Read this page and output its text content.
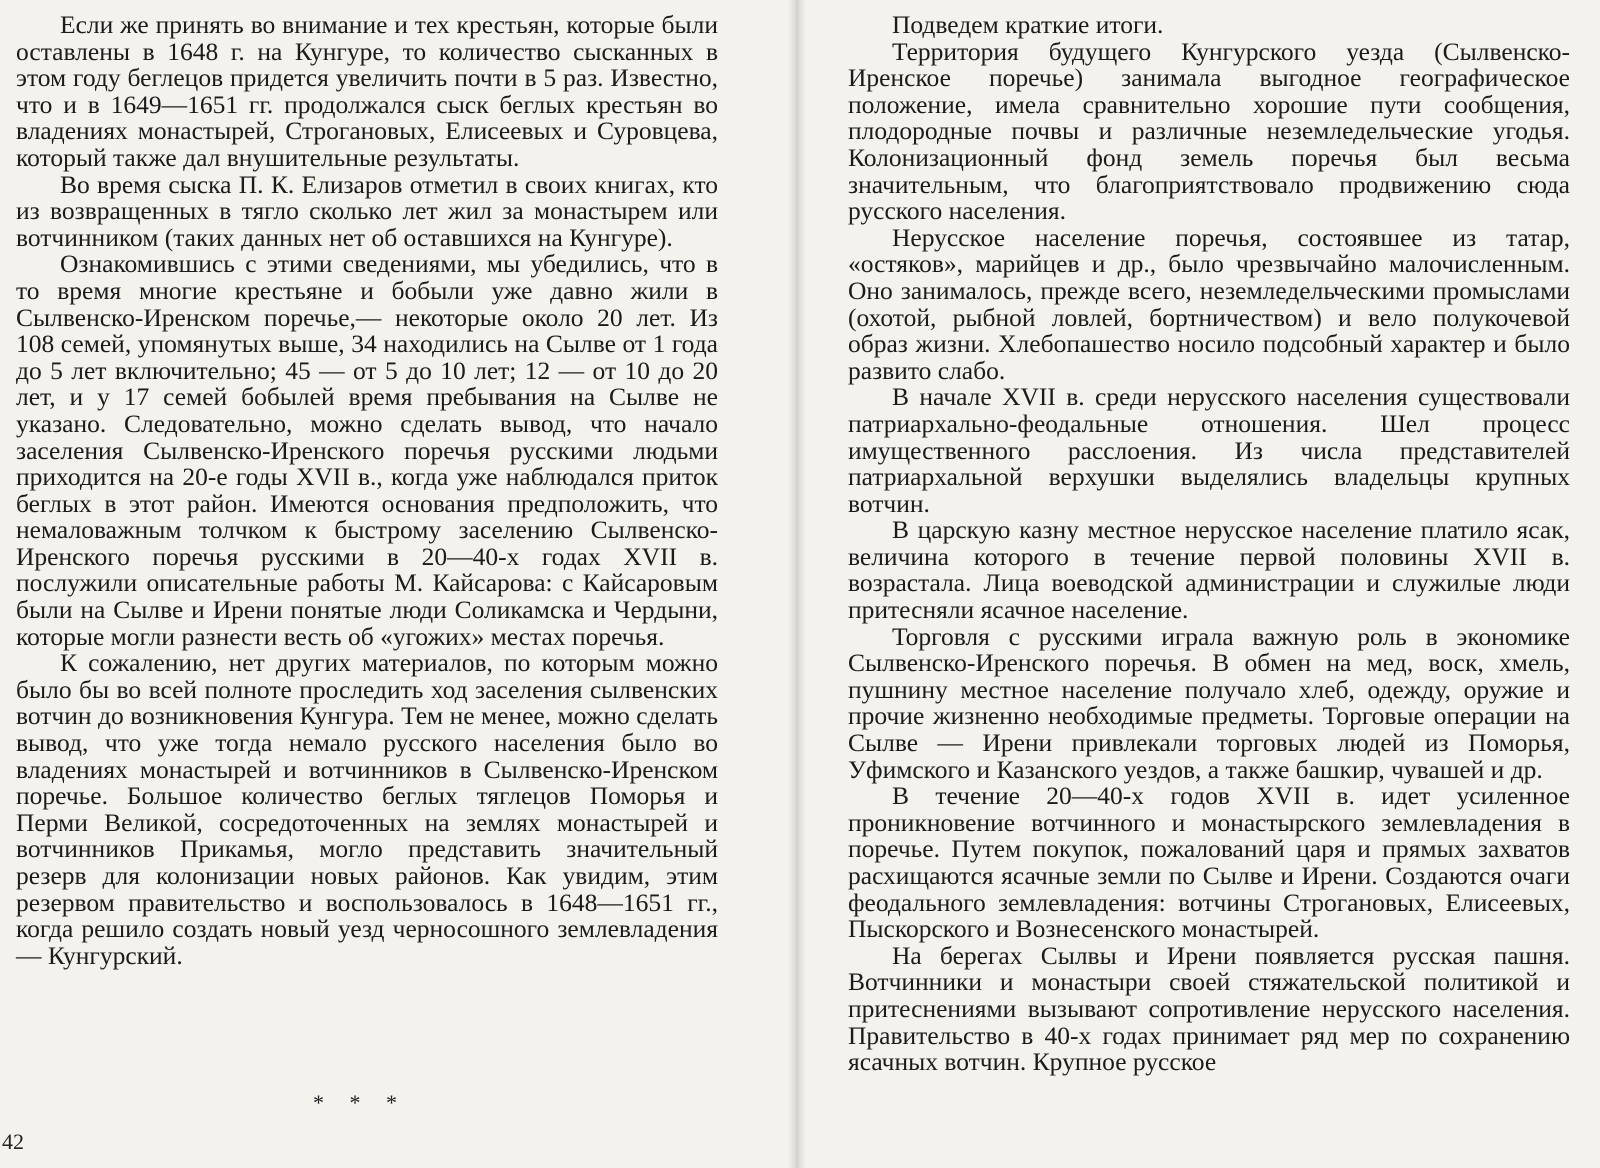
Если же принять во внимание и тех крестьян, которые были оставлены в 1648 г. на Кунгуре, то количество сысканных в этом году беглецов придется увеличить почти в 5 раз. Известно, что и в 1649—1651 гг. продолжался сыск беглых крестьян во владениях монастырей, Строгановых, Елисеевых и Суровцева, который также дал внушительные результаты.

Во время сыска П. К. Елизаров отметил в своих книгах, кто из возвращенных в тягло сколько лет жил за монастырем или вотчинником (таких данных нет об оставшихся на Кунгуре).

Ознакомившись с этими сведениями, мы убедились, что в то время многие крестьяне и бобыли уже давно жили в Сылвенско-Иренском поречье,— некоторые около 20 лет. Из 108 семей, упомянутых выше, 34 находились на Сылве от 1 года до 5 лет включительно; 45 — от 5 до 10 лет; 12 — от 10 до 20 лет, и у 17 семей бобылей время пребывания на Сылве не указано. Следовательно, можно сделать вывод, что начало заселения Сылвенско-Иренского поречья русскими людьми приходится на 20-е годы XVII в., когда уже наблюдался приток беглых в этот район. Имеются основания предположить, что немаловажным толчком к быстрому заселению Сылвенско-Иренского поречья русскими в 20—40-х годах XVII в. послужили описательные работы М. Кайсарова: с Кайсаровым были на Сылве и Ирени понятые люди Соликамска и Чердыни, которые могли разнести весть об «угожих» местах поречья.

К сожалению, нет других материалов, по которым можно было бы во всей полноте проследить ход заселения сылвенских вотчин до возникновения Кунгура. Тем не менее, можно сделать вывод, что уже тогда немало русского населения было во владениях монастырей и вотчинников в Сылвенско-Иренском поречье. Большое количество беглых тяглецов Поморья и Перми Великой, сосредоточенных на землях монастырей и вотчинников Прикамья, могло представить значительный резерв для колонизации новых районов. Как увидим, этим резервом правительство и воспользовалось в 1648—1651 гг., когда решило создать новый уезд черносошного землевладения — Кунгурский.

* * *
42

Подведем краткие итоги.

Территория будущего Кунгурского уезда (Сылвенско-Иренское поречье) занимала выгодное географическое положение, имела сравнительно хорошие пути сообщения, плодородные почвы и различные неземледельческие угодья. Колонизационный фонд земель поречья был весьма значительным, что благоприятствовало продвижению сюда русского населения.

Нерусское население поречья, состоявшее из татар, «остяков», марийцев и др., было чрезвычайно малочисленным. Оно занималось, прежде всего, неземледельческими промыслами (охотой, рыбной ловлей, бортничеством) и вело полукочевой образ жизни. Хлебопашество носило подсобный характер и было развито слабо.

В начале XVII в. среди нерусского населения существовали патриархально-феодальные отношения. Шел процесс имущественного расслоения. Из числа представителей патриархальной верхушки выделялись владельцы крупных вотчин.

В царскую казну местное нерусское население платило ясак, величина которого в течение первой половины XVII в. возрастала. Лица воеводской администрации и служилые люди притесняли ясачное население.

Торговля с русскими играла важную роль в экономике Сылвенско-Иренского поречья. В обмен на мед, воск, хмель, пушнину местное население получало хлеб, одежду, оружие и прочие жизненно необходимые предметы. Торговые операции на Сылве — Ирени привлекали торговых людей из Поморья, Уфимского и Казанского уездов, а также башкир, чувашей и др.

В течение 20—40-х годов XVII в. идет усиленное проникновение вотчинного и монастырского землевладения в поречье. Путем покупок, пожалований царя и прямых захватов расхищаются ясачные земли по Сылве и Ирени. Создаются очаги феодального землевладения: вотчины Строгановых, Елисеевых, Пыскорского и Вознесенского монастырей.

На берегах Сылвы и Ирени появляется русская пашня. Вотчинники и монастыри своей стяжательской политикой и притеснениями вызывают сопротивление нерусского населения. Правительство в 40-х годах принимает ряд мер по сохранению ясачных вотчин. Крупное русское
